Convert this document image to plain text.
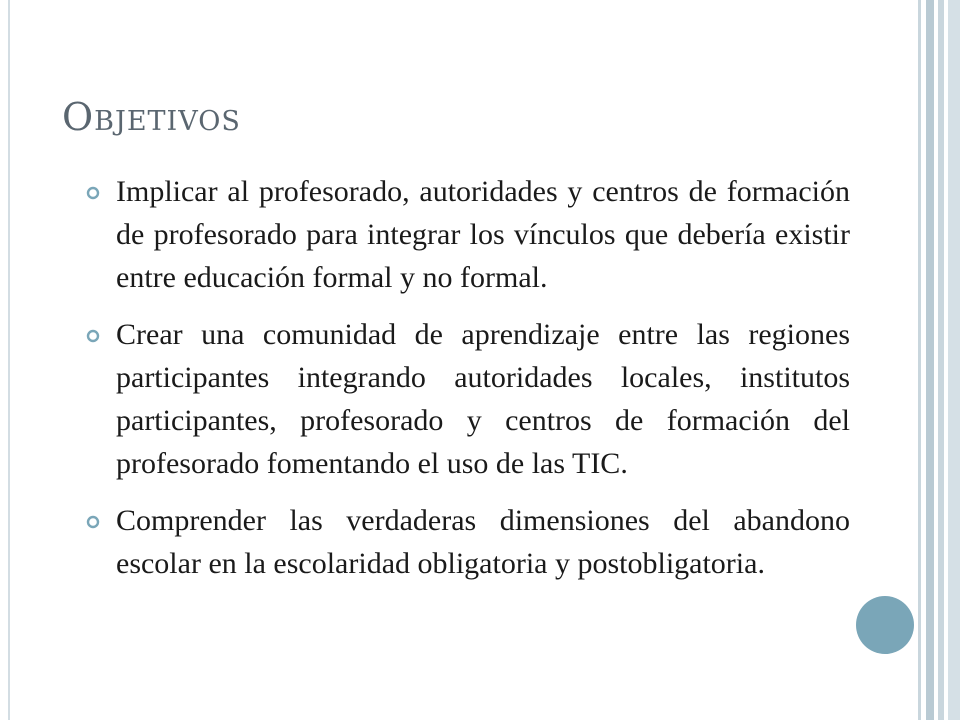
Objetivos

Implicar al profesorado, autoridades y centros de formación de profesorado para integrar los vínculos que debería existir entre educación formal y no formal.

Crear una comunidad de aprendizaje entre las regiones participantes integrando autoridades locales, institutos participantes, profesorado y centros de formación del profesorado fomentando el uso de las TIC.

Comprender las verdaderas dimensiones del abandono escolar en la escolaridad obligatoria y postobligatoria.
